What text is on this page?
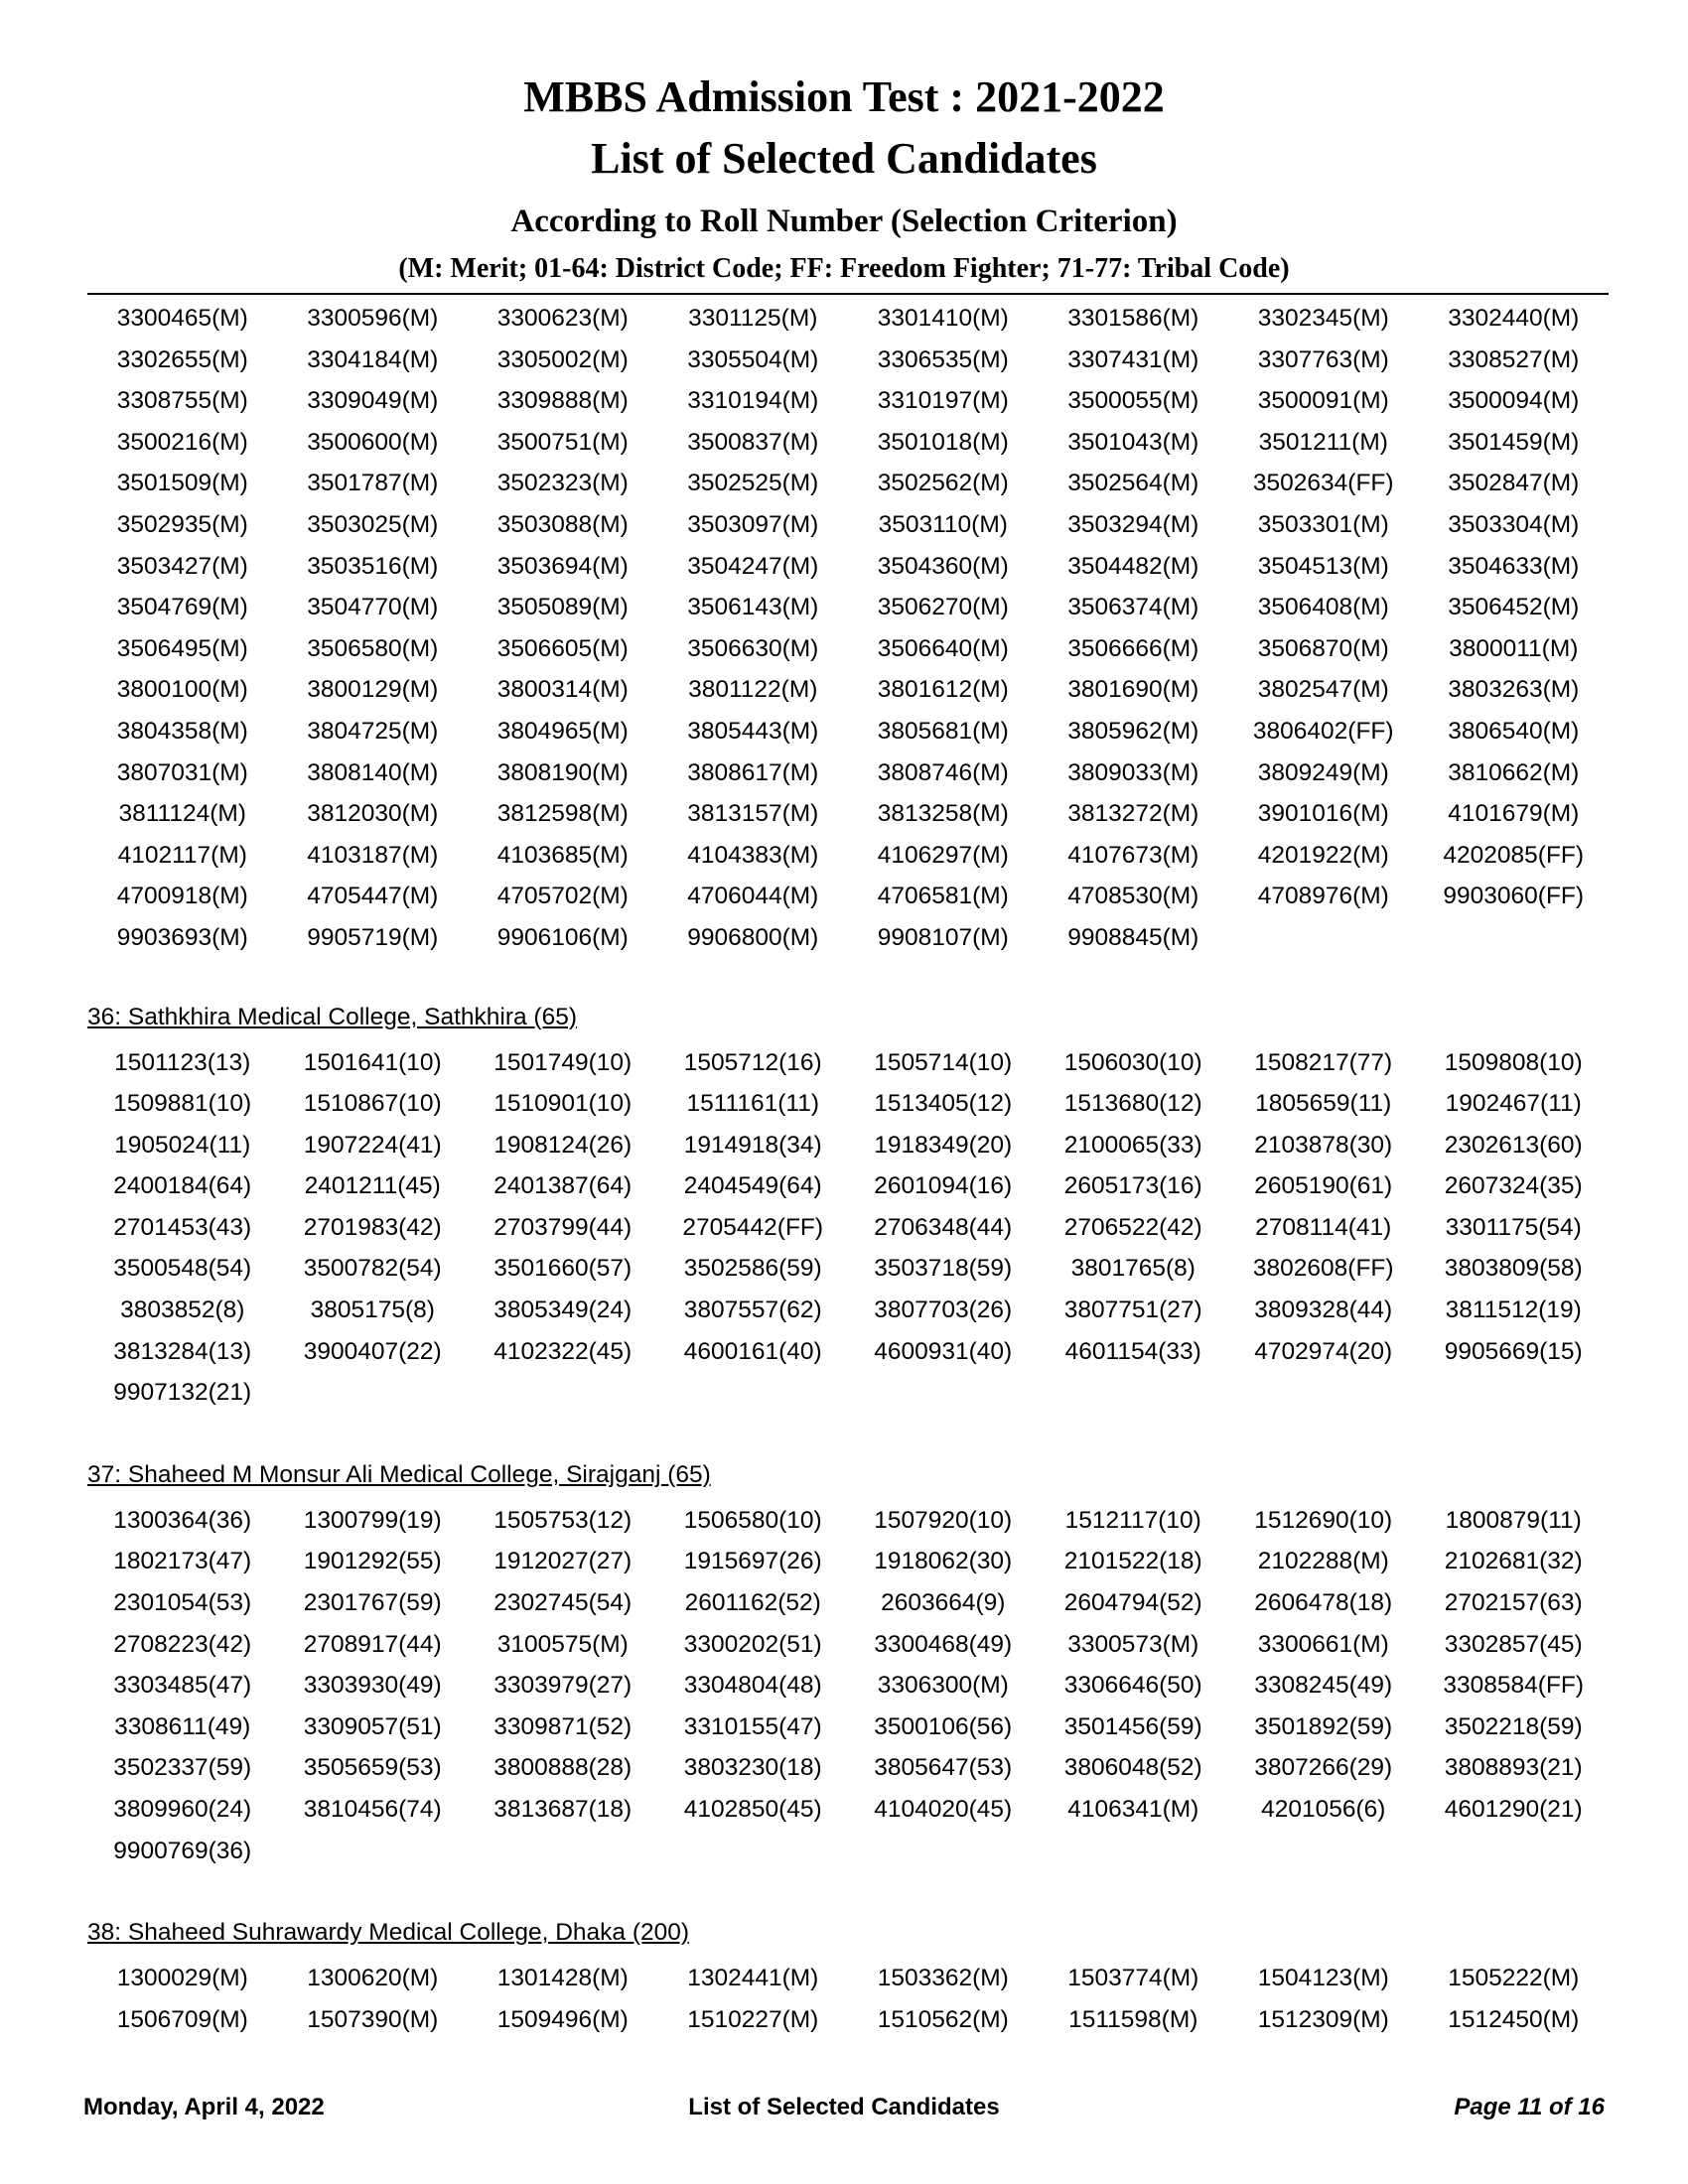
MBBS Admission Test : 2021-2022
List of Selected Candidates
According to Roll Number (Selection Criterion)
(M: Merit; 01-64: District Code; FF: Freedom Fighter; 71-77: Tribal Code)
3300465(M)	3300596(M)	3300623(M)	3301125(M)	3301410(M)	3301586(M)	3302345(M)	3302440(M)
3302655(M)	3304184(M)	3305002(M)	3305504(M)	3306535(M)	3307431(M)	3307763(M)	3308527(M)
3308755(M)	3309049(M)	3309888(M)	3310194(M)	3310197(M)	3500055(M)	3500091(M)	3500094(M)
3500216(M)	3500600(M)	3500751(M)	3500837(M)	3501018(M)	3501043(M)	3501211(M)	3501459(M)
3501509(M)	3501787(M)	3502323(M)	3502525(M)	3502562(M)	3502564(M)	3502634(FF)	3502847(M)
3502935(M)	3503025(M)	3503088(M)	3503097(M)	3503110(M)	3503294(M)	3503301(M)	3503304(M)
3503427(M)	3503516(M)	3503694(M)	3504247(M)	3504360(M)	3504482(M)	3504513(M)	3504633(M)
3504769(M)	3504770(M)	3505089(M)	3506143(M)	3506270(M)	3506374(M)	3506408(M)	3506452(M)
3506495(M)	3506580(M)	3506605(M)	3506630(M)	3506640(M)	3506666(M)	3506870(M)	3800011(M)
3800100(M)	3800129(M)	3800314(M)	3801122(M)	3801612(M)	3801690(M)	3802547(M)	3803263(M)
3804358(M)	3804725(M)	3804965(M)	3805443(M)	3805681(M)	3805962(M)	3806402(FF)	3806540(M)
3807031(M)	3808140(M)	3808190(M)	3808617(M)	3808746(M)	3809033(M)	3809249(M)	3810662(M)
3811124(M)	3812030(M)	3812598(M)	3813157(M)	3813258(M)	3813272(M)	3901016(M)	4101679(M)
4102117(M)	4103187(M)	4103685(M)	4104383(M)	4106297(M)	4107673(M)	4201922(M)	4202085(FF)
4700918(M)	4705447(M)	4705702(M)	4706044(M)	4706581(M)	4708530(M)	4708976(M)	9903060(FF)
9903693(M)	9905719(M)	9906106(M)	9906800(M)	9908107(M)	9908845(M)
36: Sathkhira Medical College, Sathkhira (65)
1501123(13)	1501641(10)	1501749(10)	1505712(16)	1505714(10)	1506030(10)	1508217(77)	1509808(10)
1509881(10)	1510867(10)	1510901(10)	1511161(11)	1513405(12)	1513680(12)	1805659(11)	1902467(11)
1905024(11)	1907224(41)	1908124(26)	1914918(34)	1918349(20)	2100065(33)	2103878(30)	2302613(60)
2400184(64)	2401211(45)	2401387(64)	2404549(64)	2601094(16)	2605173(16)	2605190(61)	2607324(35)
2701453(43)	2701983(42)	2703799(44)	2705442(FF)	2706348(44)	2706522(42)	2708114(41)	3301175(54)
3500548(54)	3500782(54)	3501660(57)	3502586(59)	3503718(59)	3801765(8)	3802608(FF)	3803809(58)
3803852(8)	3805175(8)	3805349(24)	3807557(62)	3807703(26)	3807751(27)	3809328(44)	3811512(19)
3813284(13)	3900407(22)	4102322(45)	4600161(40)	4600931(40)	4601154(33)	4702974(20)	9905669(15)
9907132(21)
37: Shaheed M Monsur Ali Medical College, Sirajganj (65)
1300364(36)	1300799(19)	1505753(12)	1506580(10)	1507920(10)	1512117(10)	1512690(10)	1800879(11)
1802173(47)	1901292(55)	1912027(27)	1915697(26)	1918062(30)	2101522(18)	2102288(M)	2102681(32)
2301054(53)	2301767(59)	2302745(54)	2601162(52)	2603664(9)	2604794(52)	2606478(18)	2702157(63)
2708223(42)	2708917(44)	3100575(M)	3300202(51)	3300468(49)	3300573(M)	3300661(M)	3302857(45)
3303485(47)	3303930(49)	3303979(27)	3304804(48)	3306300(M)	3306646(50)	3308245(49)	3308584(FF)
3308611(49)	3309057(51)	3309871(52)	3310155(47)	3500106(56)	3501456(59)	3501892(59)	3502218(59)
3502337(59)	3505659(53)	3800888(28)	3803230(18)	3805647(53)	3806048(52)	3807266(29)	3808893(21)
3809960(24)	3810456(74)	3813687(18)	4102850(45)	4104020(45)	4106341(M)	4201056(6)	4601290(21)
9900769(36)
38: Shaheed Suhrawardy Medical College, Dhaka (200)
1300029(M)	1300620(M)	1301428(M)	1302441(M)	1503362(M)	1503774(M)	1504123(M)	1505222(M)
1506709(M)	1507390(M)	1509496(M)	1510227(M)	1510562(M)	1511598(M)	1512309(M)	1512450(M)
Monday, April 4, 2022	List of Selected Candidates	Page 11 of 16
